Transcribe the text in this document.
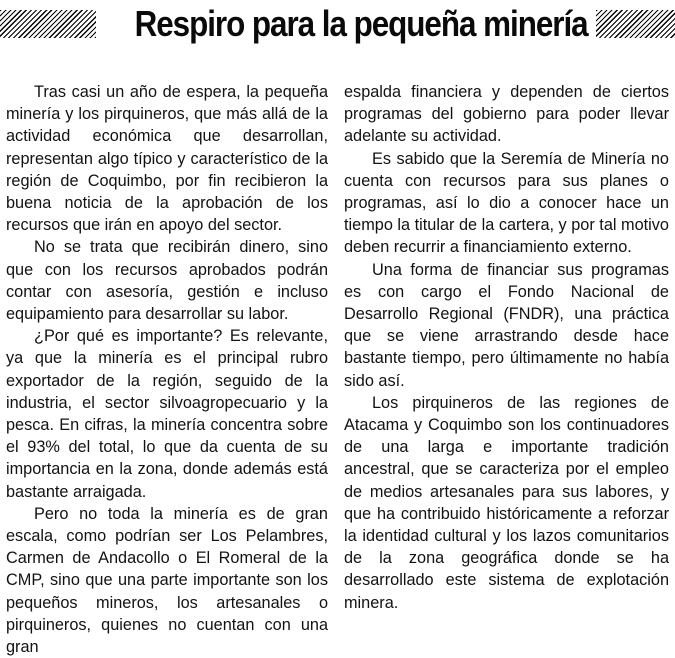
Respiro para la pequeña minería

Tras casi un año de espera, la pequeña minería y los pirquineros, que más allá de la actividad económica que desarrollan, representan algo típico y característico de la región de Coquimbo, por fin recibieron la buena noticia de la aprobación de los recursos que irán en apoyo del sector.

No se trata que recibirán dinero, sino que con los recursos aprobados podrán contar con asesoría, gestión e incluso equipamiento para desarrollar su labor.

¿Por qué es importante? Es relevante, ya que la minería es el principal rubro exportador de la región, seguido de la industria, el sector silvoagropecuario y la pesca. En cifras, la minería concentra sobre el 93% del total, lo que da cuenta de su importancia en la zona, donde además está bastante arraigada.

Pero no toda la minería es de gran escala, como podrían ser Los Pelambres, Carmen de Andacollo o El Romeral de la CMP, sino que una parte importante son los pequeños mineros, los artesanales o pirquineros, quienes no cuentan con una gran

espalda financiera y dependen de ciertos programas del gobierno para poder llevar adelante su actividad.

Es sabido que la Seremía de Minería no cuenta con recursos para sus planes o programas, así lo dio a conocer hace un tiempo la titular de la cartera, y por tal motivo deben recurrir a financiamiento externo.

Una forma de financiar sus programas es con cargo el Fondo Nacional de Desarrollo Regional (FNDR), una práctica que se viene arrastrando desde hace bastante tiempo, pero últimamente no había sido así.

Los pirquineros de las regiones de Atacama y Coquimbo son los continuadores de una larga e importante tradición ancestral, que se caracteriza por el empleo de medios artesanales para sus labores, y que ha contribuido históricamente a reforzar la identidad cultural y los lazos comunitarios de la zona geográfica donde se ha desarrollado este sistema de explotación minera.
